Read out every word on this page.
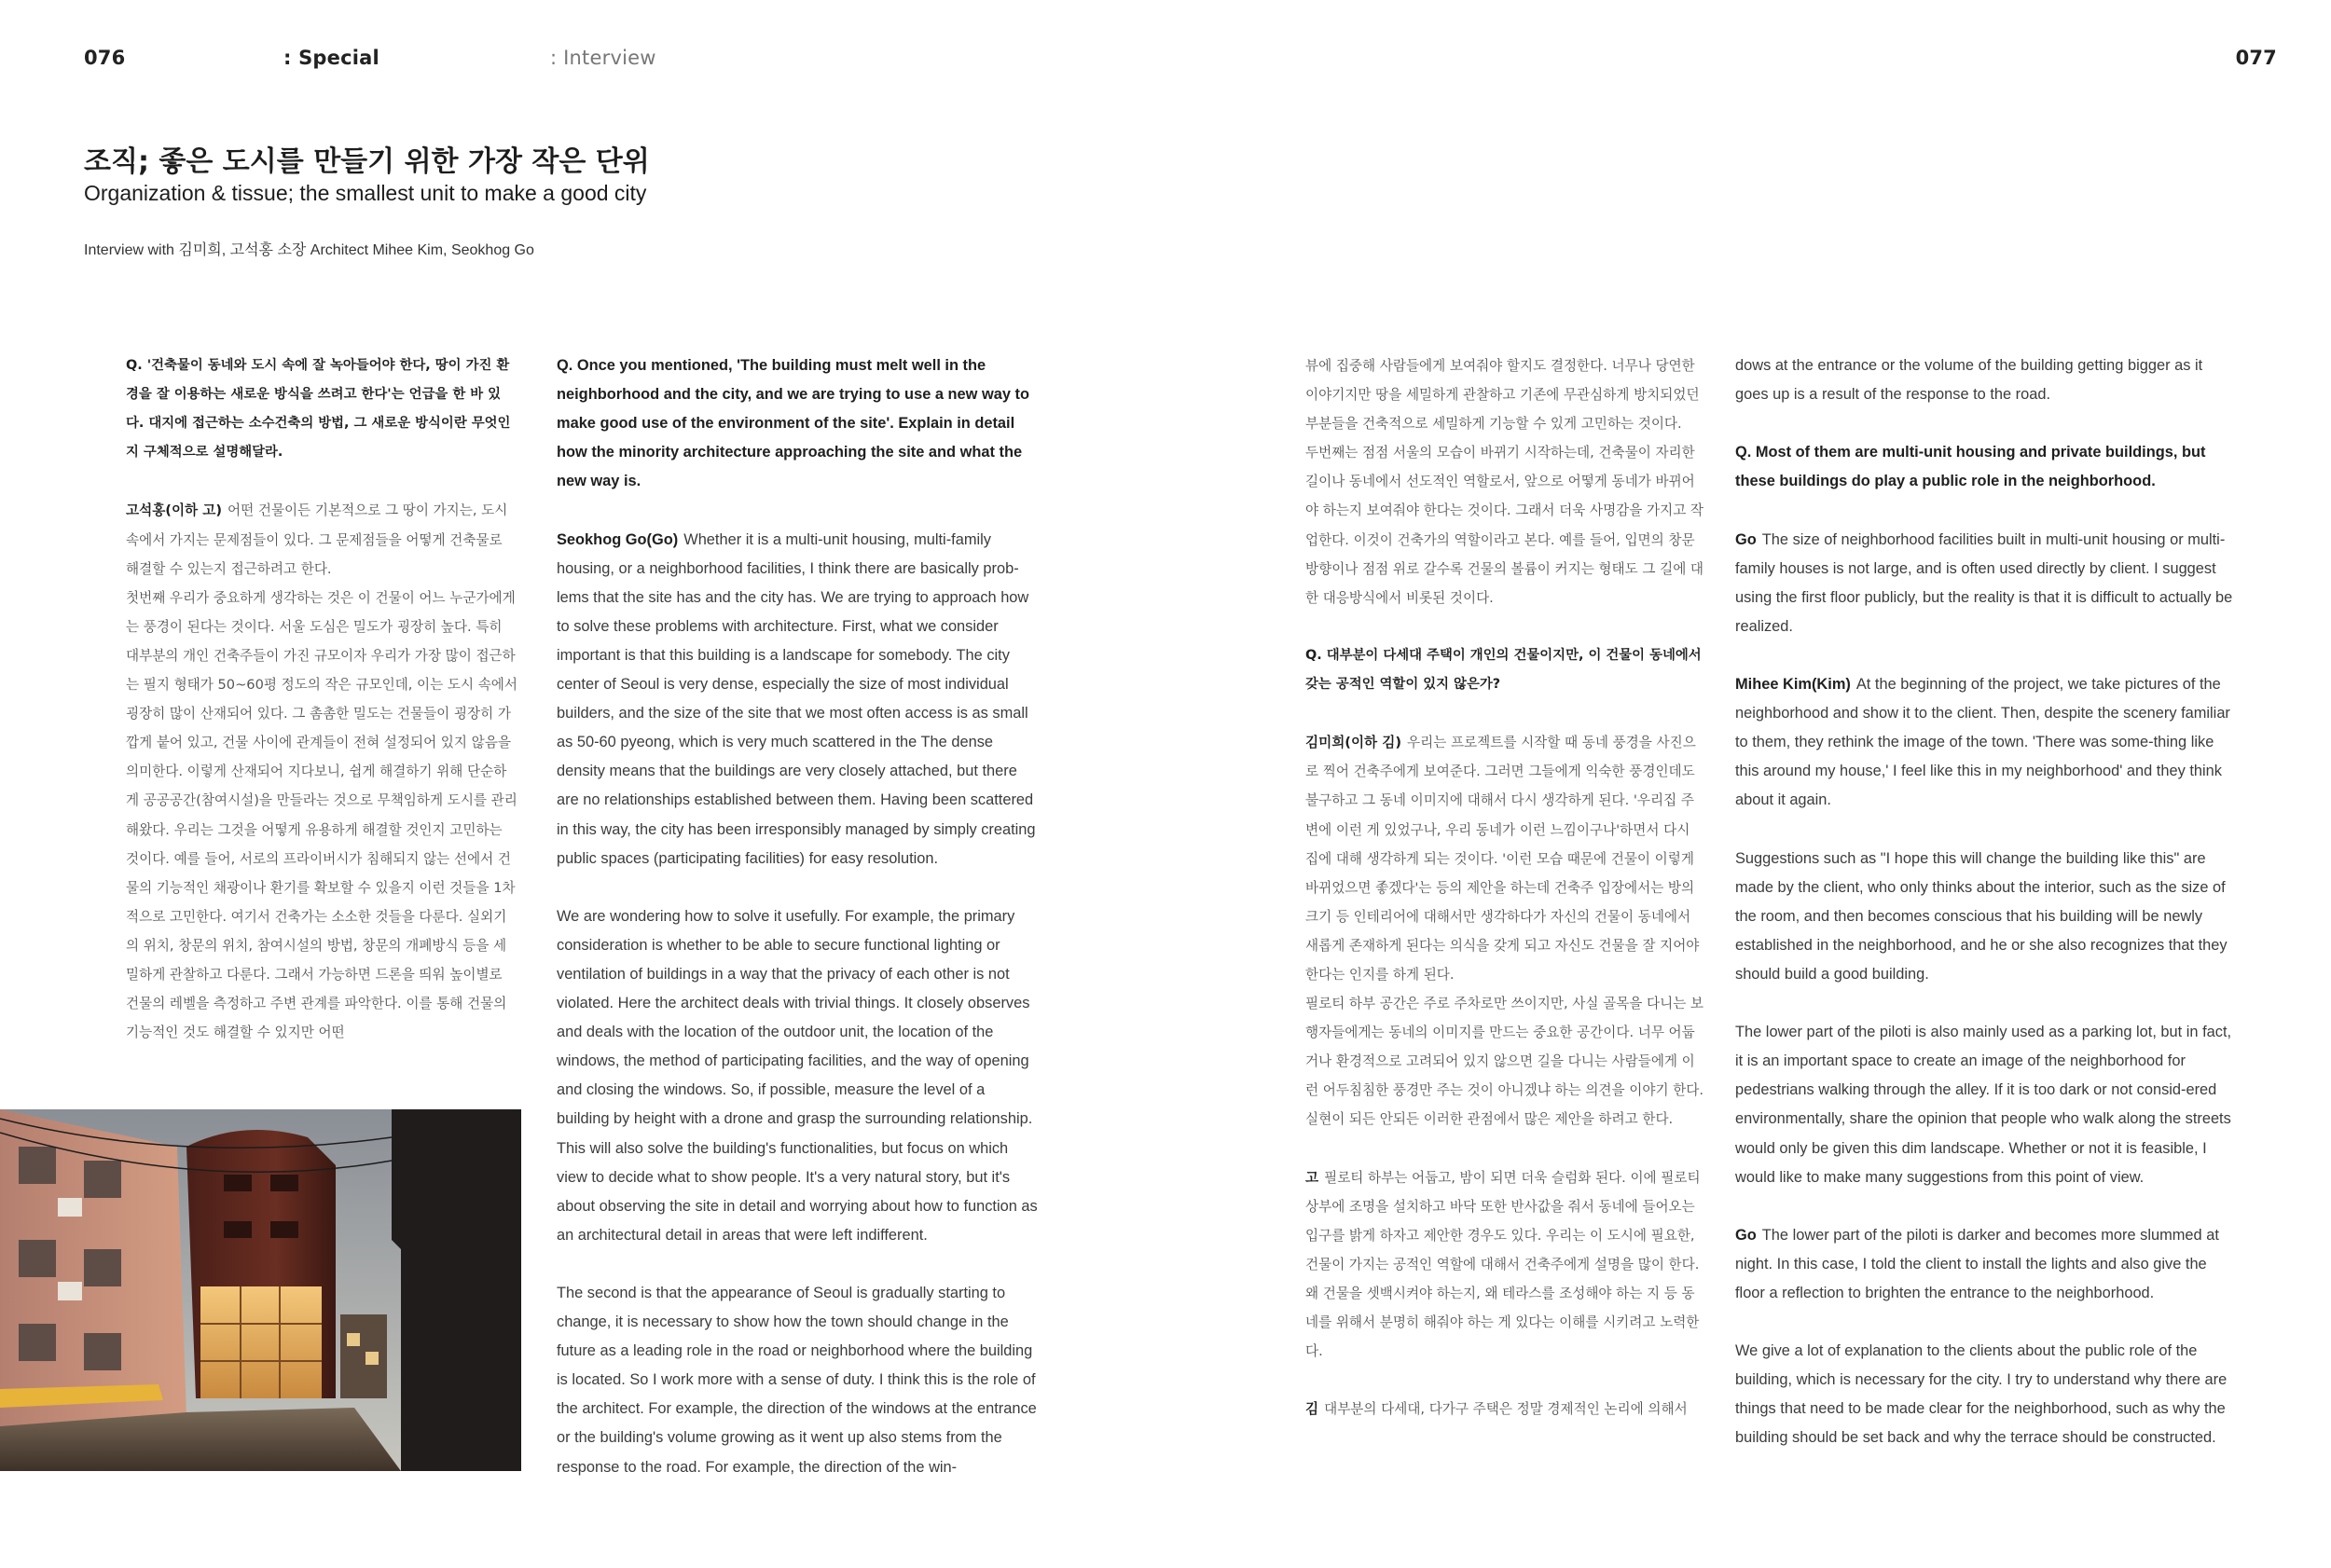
076	: Special	: Interview	077
조직; 좋은 도시를 만들기 위한 가장 작은 단위
Organization & tissue; the smallest unit to make a good city
Interview with 김미희, 고석홍 소장 Architect Mihee Kim, Seokhog Go
Q. '건축물이 동네와 도시 속에 잘 녹아들어야 한다, 땅이 가진 환경을 잘 이용하는 새로운 방식을 쓰려고 한다'는 언급을 한 바 있다. 대지에 접근하는 소수건축의 방법, 그 새로운 방식이란 무엇인지 구체적으로 설명해달라.
고석홍(이하 고) 어떤 건물이든 기본적으로 그 땅이 가지는, 도시 속에서 가지는 문제점들이 있다. 그 문제점들을 어떻게 건축물로 해결할 수 있는지 접근하려고 한다.
첫번째 우리가 중요하게 생각하는 것은 이 건물이 어느 누군가에게는 풍경이 된다는 것이다. 서울 도심은 밀도가 굉장히 높다. 특히 대부분의 개인 건축주들이 가진 규모이자 우리가 가장 많이 접근하는 필지 형태가 50~60평 정도의 작은 규모인데, 이는 도시 속에서 굉장히 많이 산재되어 있다. 그 촘촘한 밀도는 건물들이 굉장히 가깝게 붙어 있고, 건물 사이에 관계들이 전혀 설정되어 있지 않음을 의미한다. 이렇게 산재되어 지다보니, 쉽게 해결하기 위해 단순하게 공공공간(참여시설)을 만들라는 것으로 무책임하게 도시를 관리해왔다. 우리는 그것을 어떻게 유용하게 해결할 것인지 고민하는 것이다. 예를 들어, 서로의 프라이버시가 침해되지 않는 선에서 건물의 기능적인 채광이나 환기를 확보할 수 있을지 이런 것들을 1차적으로 고민한다. 여기서 건축가는 소소한 것들을 다룬다. 실외기의 위치, 창문의 위치, 참여시설의 방법, 창문의 개폐방식 등을 세밀하게 관찰하고 다룬다. 그래서 가능하면 드론을 띄워 높이별로 건물의 레벨을 측정하고 주변 관계를 파악한다. 이를 통해 건물의 기능적인 것도 해결할 수 있지만 어떤
Q. Once you mentioned, 'The building must melt well in the neighborhood and the city, and we are trying to use a new way to make good use of the environment of the site'. Explain in detail how the minority architecture approaching the site and what the new way is.
Seokhog Go(Go) Whether it is a multi-unit housing, multi-family housing, or a neighborhood facilities, I think there are basically prob-lems that the site has and the city has. We are trying to approach how to solve these problems with architecture. First, what we consider important is that this building is a landscape for somebody. The city center of Seoul is very dense, especially the size of most individual builders, and the size of the site that we most often access is as small as 50-60 pyeong, which is very much scattered in the The dense density means that the buildings are very closely attached, but there are no relationships established between them. Having been scattered in this way, the city has been irresponsibly managed by simply creating public spaces (participating facilities) for easy resolution.
We are wondering how to solve it usefully. For example, the primary consideration is whether to be able to secure functional lighting or ventilation of buildings in a way that the privacy of each other is not violated. Here the architect deals with trivial things. It closely observes and deals with the location of the outdoor unit, the location of the windows, the method of participating facilities, and the way of opening and closing the windows. So, if possible, measure the level of a building by height with a drone and grasp the surrounding relationship. This will also solve the building's functionalities, but focus on which view to decide what to show people. It's a very natural story, but it's about observing the site in detail and worrying about how to function as an architectural detail in areas that were left indifferent.
The second is that the appearance of Seoul is gradually starting to change, it is necessary to show how the town should change in the future as a leading role in the road or neighborhood where the building is located. So I work more with a sense of duty. I think this is the role of the architect. For example, the direction of the windows at the entrance or the building's volume growing as it went up also stems from the response to the road. For example, the direction of the win-
뷰에 집중해 사람들에게 보여줘야 할지도 결정한다. 너무나 당연한 이야기지만 땅을 세밀하게 관찰하고 기존에 무관심하게 방치되었던 부분들을 건축적으로 세밀하게 기능할 수 있게 고민하는 것이다.
두번째는 점점 서울의 모습이 바뀌기 시작하는데, 건축물이 자리한 길이나 동네에서 선도적인 역할로서, 앞으로 어떻게 동네가 바뀌어야 하는지 보여줘야 한다는 것이다. 그래서 더욱 사명감을 가지고 작업한다. 이것이 건축가의 역할이라고 본다. 예를 들어, 입면의 창문 방향이나 점점 위로 갈수록 건물의 볼륨이 커지는 형태도 그 길에 대한 대응방식에서 비롯된 것이다.
Q. 대부분이 다세대 주택이 개인의 건물이지만, 이 건물이 동네에서 갖는 공적인 역할이 있지 않은가?
김미희(이하 김) 우리는 프로젝트를 시작할 때 동네 풍경을 사진으로 찍어 건축주에게 보여준다. 그러면 그들에게 익숙한 풍경인데도 불구하고 그 동네 이미지에 대해서 다시 생각하게 된다. '우리집 주변에 이런 게 있었구나, 우리 동네가 이런 느낌이구나'하면서 다시 집에 대해 생각하게 되는 것이다. '이런 모습 때문에 건물이 이렇게 바뀌었으면 좋겠다'는 등의 제안을 하는데 건축주 입장에서는 방의 크기 등 인테리어에 대해서만 생각하다가 자신의 건물이 동네에서 새롭게 존재하게 된다는 의식을 갖게 되고 자신도 건물을 잘 지어야 한다는 인지를 하게 된다.
필로티 하부 공간은 주로 주차로만 쓰이지만, 사실 골목을 다니는 보행자들에게는 동네의 이미지를 만드는 중요한 공간이다. 너무 어둡거나 환경적으로 고려되어 있지 않으면 길을 다니는 사람들에게 이런 어두침침한 풍경만 주는 것이 아니겠냐 하는 의견을 이야기 한다. 실현이 되든 안되든 이러한 관점에서 많은 제안을 하려고 한다.
고 필로티 하부는 어둡고, 밤이 되면 더욱 슬럼화 된다. 이에 필로티 상부에 조명을 설치하고 바닥 또한 반사값을 줘서 동네에 들어오는 입구를 밝게 하자고 제안한 경우도 있다. 우리는 이 도시에 필요한, 건물이 가지는 공적인 역할에 대해서 건축주에게 설명을 많이 한다. 왜 건물을 셋백시켜야 하는지, 왜 테라스를 조성해야 하는 지 등 동네를 위해서 분명히 해줘야 하는 게 있다는 이해를 시키려고 노력한다.
김 대부분의 다세대, 다가구 주택은 정말 경제적인 논리에 의해서
dows at the entrance or the volume of the building getting bigger as it goes up is a result of the response to the road.
Q. Most of them are multi-unit housing and private buildings, but these buildings do play a public role in the neighborhood.
Go The size of neighborhood facilities built in multi-unit housing or multi-family houses is not large, and is often used directly by client. I suggest using the first floor publicly, but the reality is that it is difficult to actually be realized.
Mihee Kim(Kim) At the beginning of the project, we take pictures of the neighborhood and show it to the client. Then, despite the scenery familiar to them, they rethink the image of the town. 'There was some-thing like this around my house,' I feel like this in my neighborhood' and they think about it again.
Suggestions such as "I hope this will change the building like this" are made by the client, who only thinks about the interior, such as the size of the room, and then becomes conscious that his building will be newly established in the neighborhood, and he or she also recognizes that they should build a good building.
The lower part of the piloti is also mainly used as a parking lot, but in fact, it is an important space to create an image of the neighborhood for pedestrians walking through the alley. If it is too dark or not consid-ered environmentally, share the opinion that people who walk along the streets would only be given this dim landscape. Whether or not it is feasible, I would like to make many suggestions from this point of view.
Go The lower part of the piloti is darker and becomes more slummed at night. In this case, I told the client to install the lights and also give the floor a reflection to brighten the entrance to the neighborhood.
We give a lot of explanation to the clients about the public role of the building, which is necessary for the city. I try to understand why there are things that need to be made clear for the neighborhood, such as why the building should be set back and why the terrace should be constructed.
